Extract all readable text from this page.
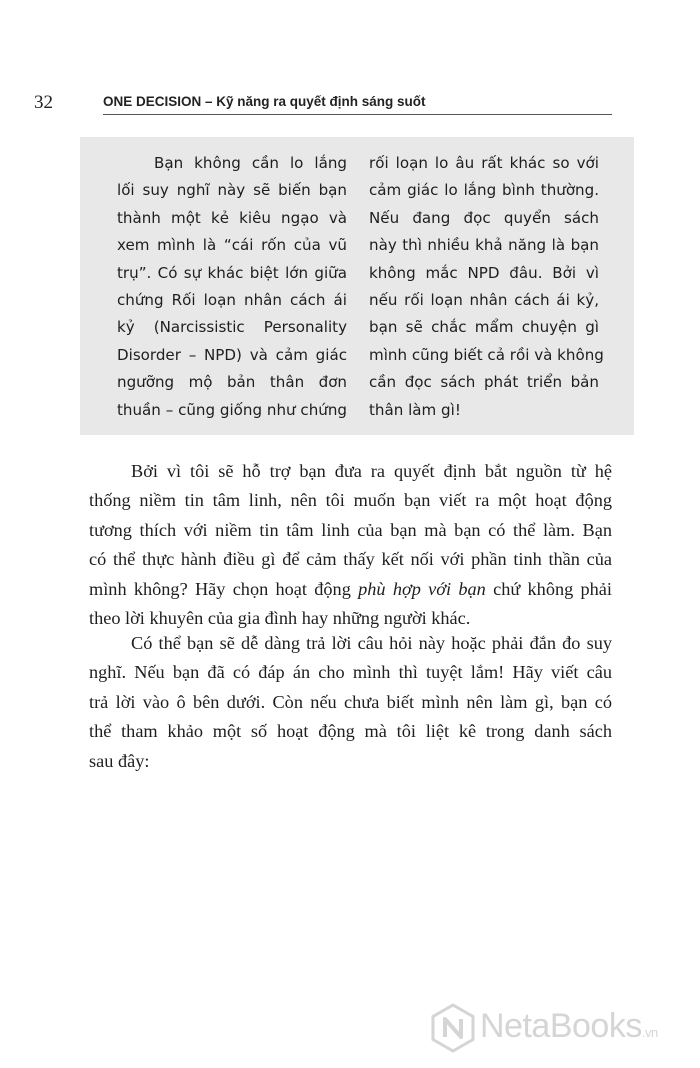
32	ONE DECISION – Kỹ năng ra quyết định sáng suốt
Bạn không cần lo lắng
lối suy nghĩ này sẽ biến bạn
thành một kẻ kiêu ngạo và
xem mình là “cái rốn của vũ
trụ”. Có sự khác biệt lớn giữa
chứng Rối loạn nhân cách ái
kỷ (Narcissistic Personality
Disorder – NPD) và cảm giác
ngưỡng mộ bản thân đơn
thuần – cũng giống như chứng
rối loạn lo âu rất khác so với
cảm giác lo lắng bình thường.
Nếu đang đọc quyển sách
này thì nhiều khả năng là bạn
không mắc NPD đâu. Bởi vì
nếu rối loạn nhân cách ái kỷ,
bạn sẽ chắc mẩm chuyện gì
mình cũng biết cả rồi và không
cần đọc sách phát triển bản
thân làm gì!
Bởi vì tôi sẽ hỗ trợ bạn đưa ra quyết định bắt nguồn từ hệ
thống niềm tin tâm linh, nên tôi muốn bạn viết ra một hoạt động
tương thích với niềm tin tâm linh của bạn mà bạn có thể làm. Bạn
có thể thực hành điều gì để cảm thấy kết nối với phần tinh thần của
mình không? Hãy chọn hoạt động phù hợp với bạn chứ không phải
theo lời khuyên của gia đình hay những người khác.
Có thể bạn sẽ dễ dàng trả lời câu hỏi này hoặc phải đắn đo suy
nghĩ. Nếu bạn đã có đáp án cho mình thì tuyệt lắm! Hãy viết câu
trả lời vào ô bên dưới. Còn nếu chưa biết mình nên làm gì, bạn có
thể tham khảo một số hoạt động mà tôi liệt kê trong danh sách
sau đây:
NetaBooks.vn
